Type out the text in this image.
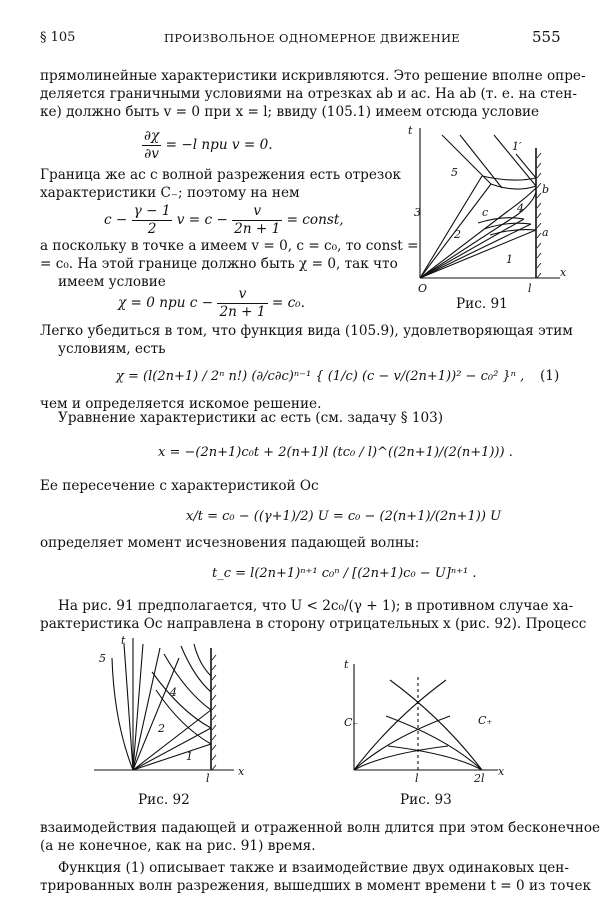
§ 105	ПРОИЗВОЛЬНОЕ ОДНОМЕРНОЕ ДВИЖЕНИЕ	555
прямолинейные характеристики искривляются. Это решение вполне опре-
деляется граничными условиями на отрезках ab и ac. На ab (т. е. на стен-
ке) должно быть v = 0 при x = l; ввиду (105.1) имеем отсюда условие
$\frac{\partial\chi}{\partial v} = -l$ при v = 0.
Граница же ac с волной разрежения есть отрезок
характеристики C₋; поэтому на нем
$c - \frac{\gamma - 1}{2}$ $v = c - \frac{v}{2n + 1}$ = const,
а поскольку в точке a имеем v = 0, c = c₀, то const =
= c₀. На этой границе должно быть χ = 0, так что
имеем условие
χ = 0 при $c - \frac{v}{2n + 1} = c_0$.
t
x
O	l
a
b
c
1
1′
2
3	4
5
Рис. 91
Легко убедиться в том, что функция вида (105.9), удовлетворяющая этим
условиям, есть
χ = (l(2n+1) / 2ⁿ n!) (∂/c∂c)ⁿ⁻¹ { (1/c) (c − v/(2n+1))² − c₀² }ⁿ , (1)
чем и определяется искомое решение.
Уравнение характеристики ac есть (см. задачу § 103)
x = −(2n+1)c₀t + 2(n+1)l (tc₀ / l)^((2n+1)/(2(n+1))) .
Ее пересечение с характеристикой Oc
x/t = c₀ − ((γ+1)/2) U = c₀ − (2(n+1)/(2n+1)) U
определяет момент исчезновения падающей волны:
t_c = l(2n+1)ⁿ⁺¹ c₀ⁿ / [(2n+1)c₀ − U]ⁿ⁺¹ .
На рис. 91 предполагается, что U < 2c₀/(γ + 1); в противном случае ха-
рактеристика Oc направлена в сторону отрицательных x (рис. 92). Процесс
t
x
l
1
2
4
5
Рис. 92
t
x
l	2l
C₋	C₊
Рис. 93
взаимодействия падающей и отраженной волн длится при этом бесконечное
(а не конечное, как на рис. 91) время.
Функция (1) описывает также и взаимодействие двух одинаковых цен-
трированных волн разрежения, вышедших в момент времени t = 0 из точек
